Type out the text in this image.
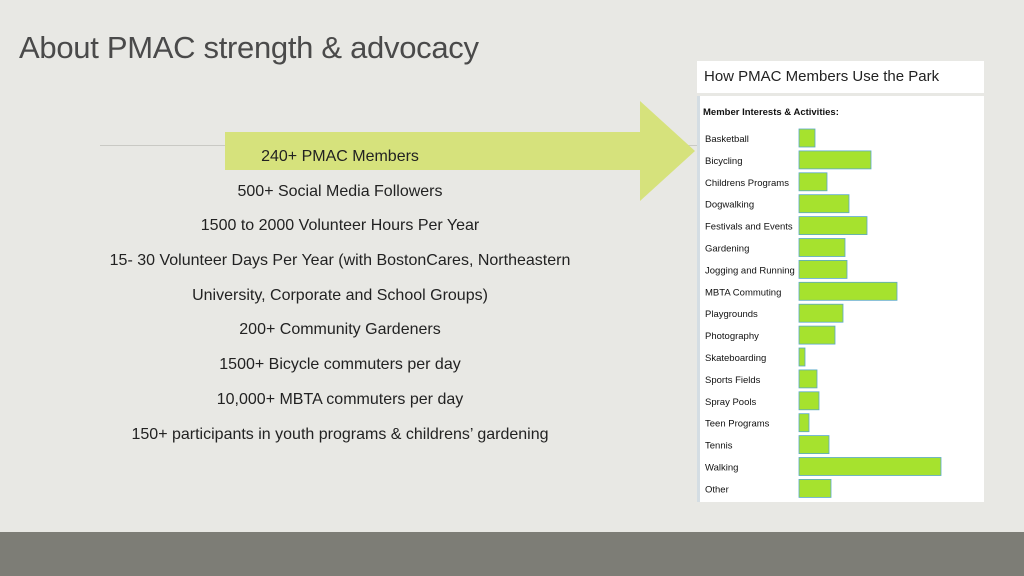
About PMAC strength & advocacy
240+ PMAC Members
500+ Social Media Followers
1500 to 2000 Volunteer Hours Per Year
15- 30 Volunteer Days Per Year (with BostonCares, Northeastern
University, Corporate and School Groups)
200+ Community Gardeners
1500+ Bicycle commuters per day
10,000+ MBTA commuters per day
150+ participants in youth programs & childrens’ gardening
How PMAC Members Use the Park
Member Interests & Activities:
Basketball
Bicycling
Childrens Programs
Dogwalking
Festivals and Events
Gardening
Jogging and Running
MBTA Commuting
Playgrounds
Photography
Skateboarding
Sports Fields
Spray Pools
Teen Programs
Tennis
Walking
Other
